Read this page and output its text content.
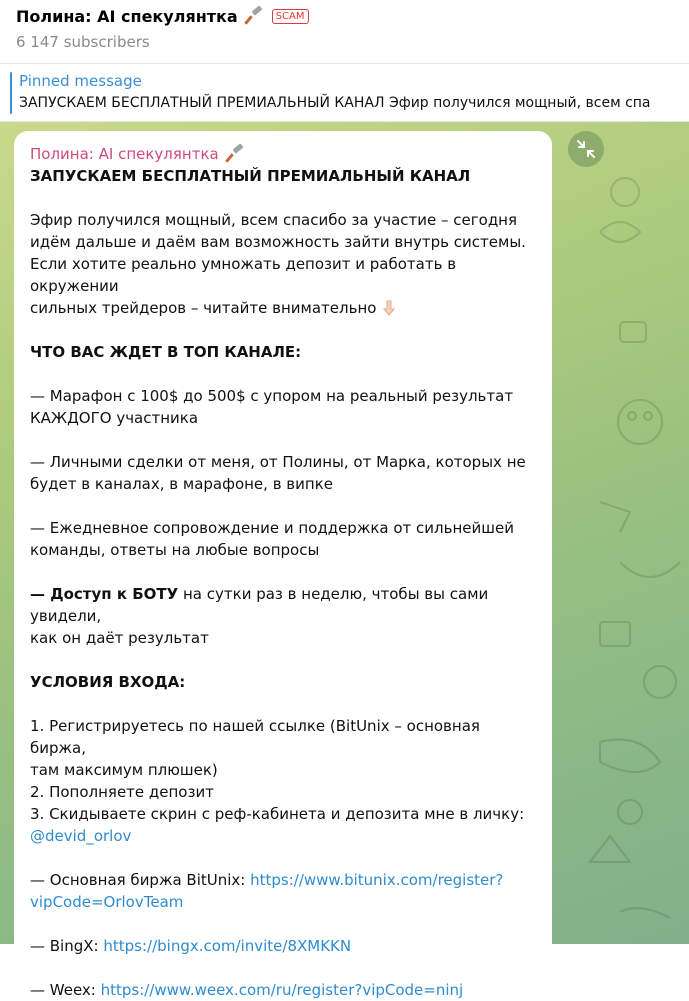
Полина: AI спекулянтка	SCAM
6 147 subscribers
Pinned message
ЗАПУСКАЕМ БЕСПЛАТНЫЙ ПРЕМИАЛЬНЫЙ КАНАЛ Эфир получился мощный, всем спа
Полина: AI спекулянтка

ЗАПУСКАЕМ БЕСПЛАТНЫЙ ПРЕМИАЛЬНЫЙ КАНАЛ

Эфир получился мощный, всем спасибо за участие – сегодня
идём дальше и даём вам возможность зайти внутрь системы.
Если хотите реально умножать депозит и работать в окружении
сильных трейдеров – читайте внимательно

ЧТО ВАС ЖДЕТ В ТОП КАНАЛЕ:

— Марафон с 100$ до 500$ с упором на реальный результат
КАЖДОГО участника

— Личными сделки от меня, от Полины, от Марка, которых не
будет в каналах, в марафоне, в випке

— Ежедневное сопровождение и поддержка от сильнейшей
команды, ответы на любые вопросы

— Доступ к БОТУ на сутки раз в неделю, чтобы вы сами увидели,
как он даёт результат

УСЛОВИЯ ВХОДА:

1. Регистрируетесь по нашей ссылке (BitUnix – основная биржа,
там максимум плюшек)
2. Пополняете депозит
3. Скидываете скрин с реф-кабинета и депозита мне в личку:
@devid_orlov

— Основная биржа BitUnix: https://www.bitunix.com/register?
vipCode=OrlovTeam

— BingX: https://bingx.com/invite/8XMKKN

— Weex: https://www.weex.com/ru/register?vipCode=ninj
